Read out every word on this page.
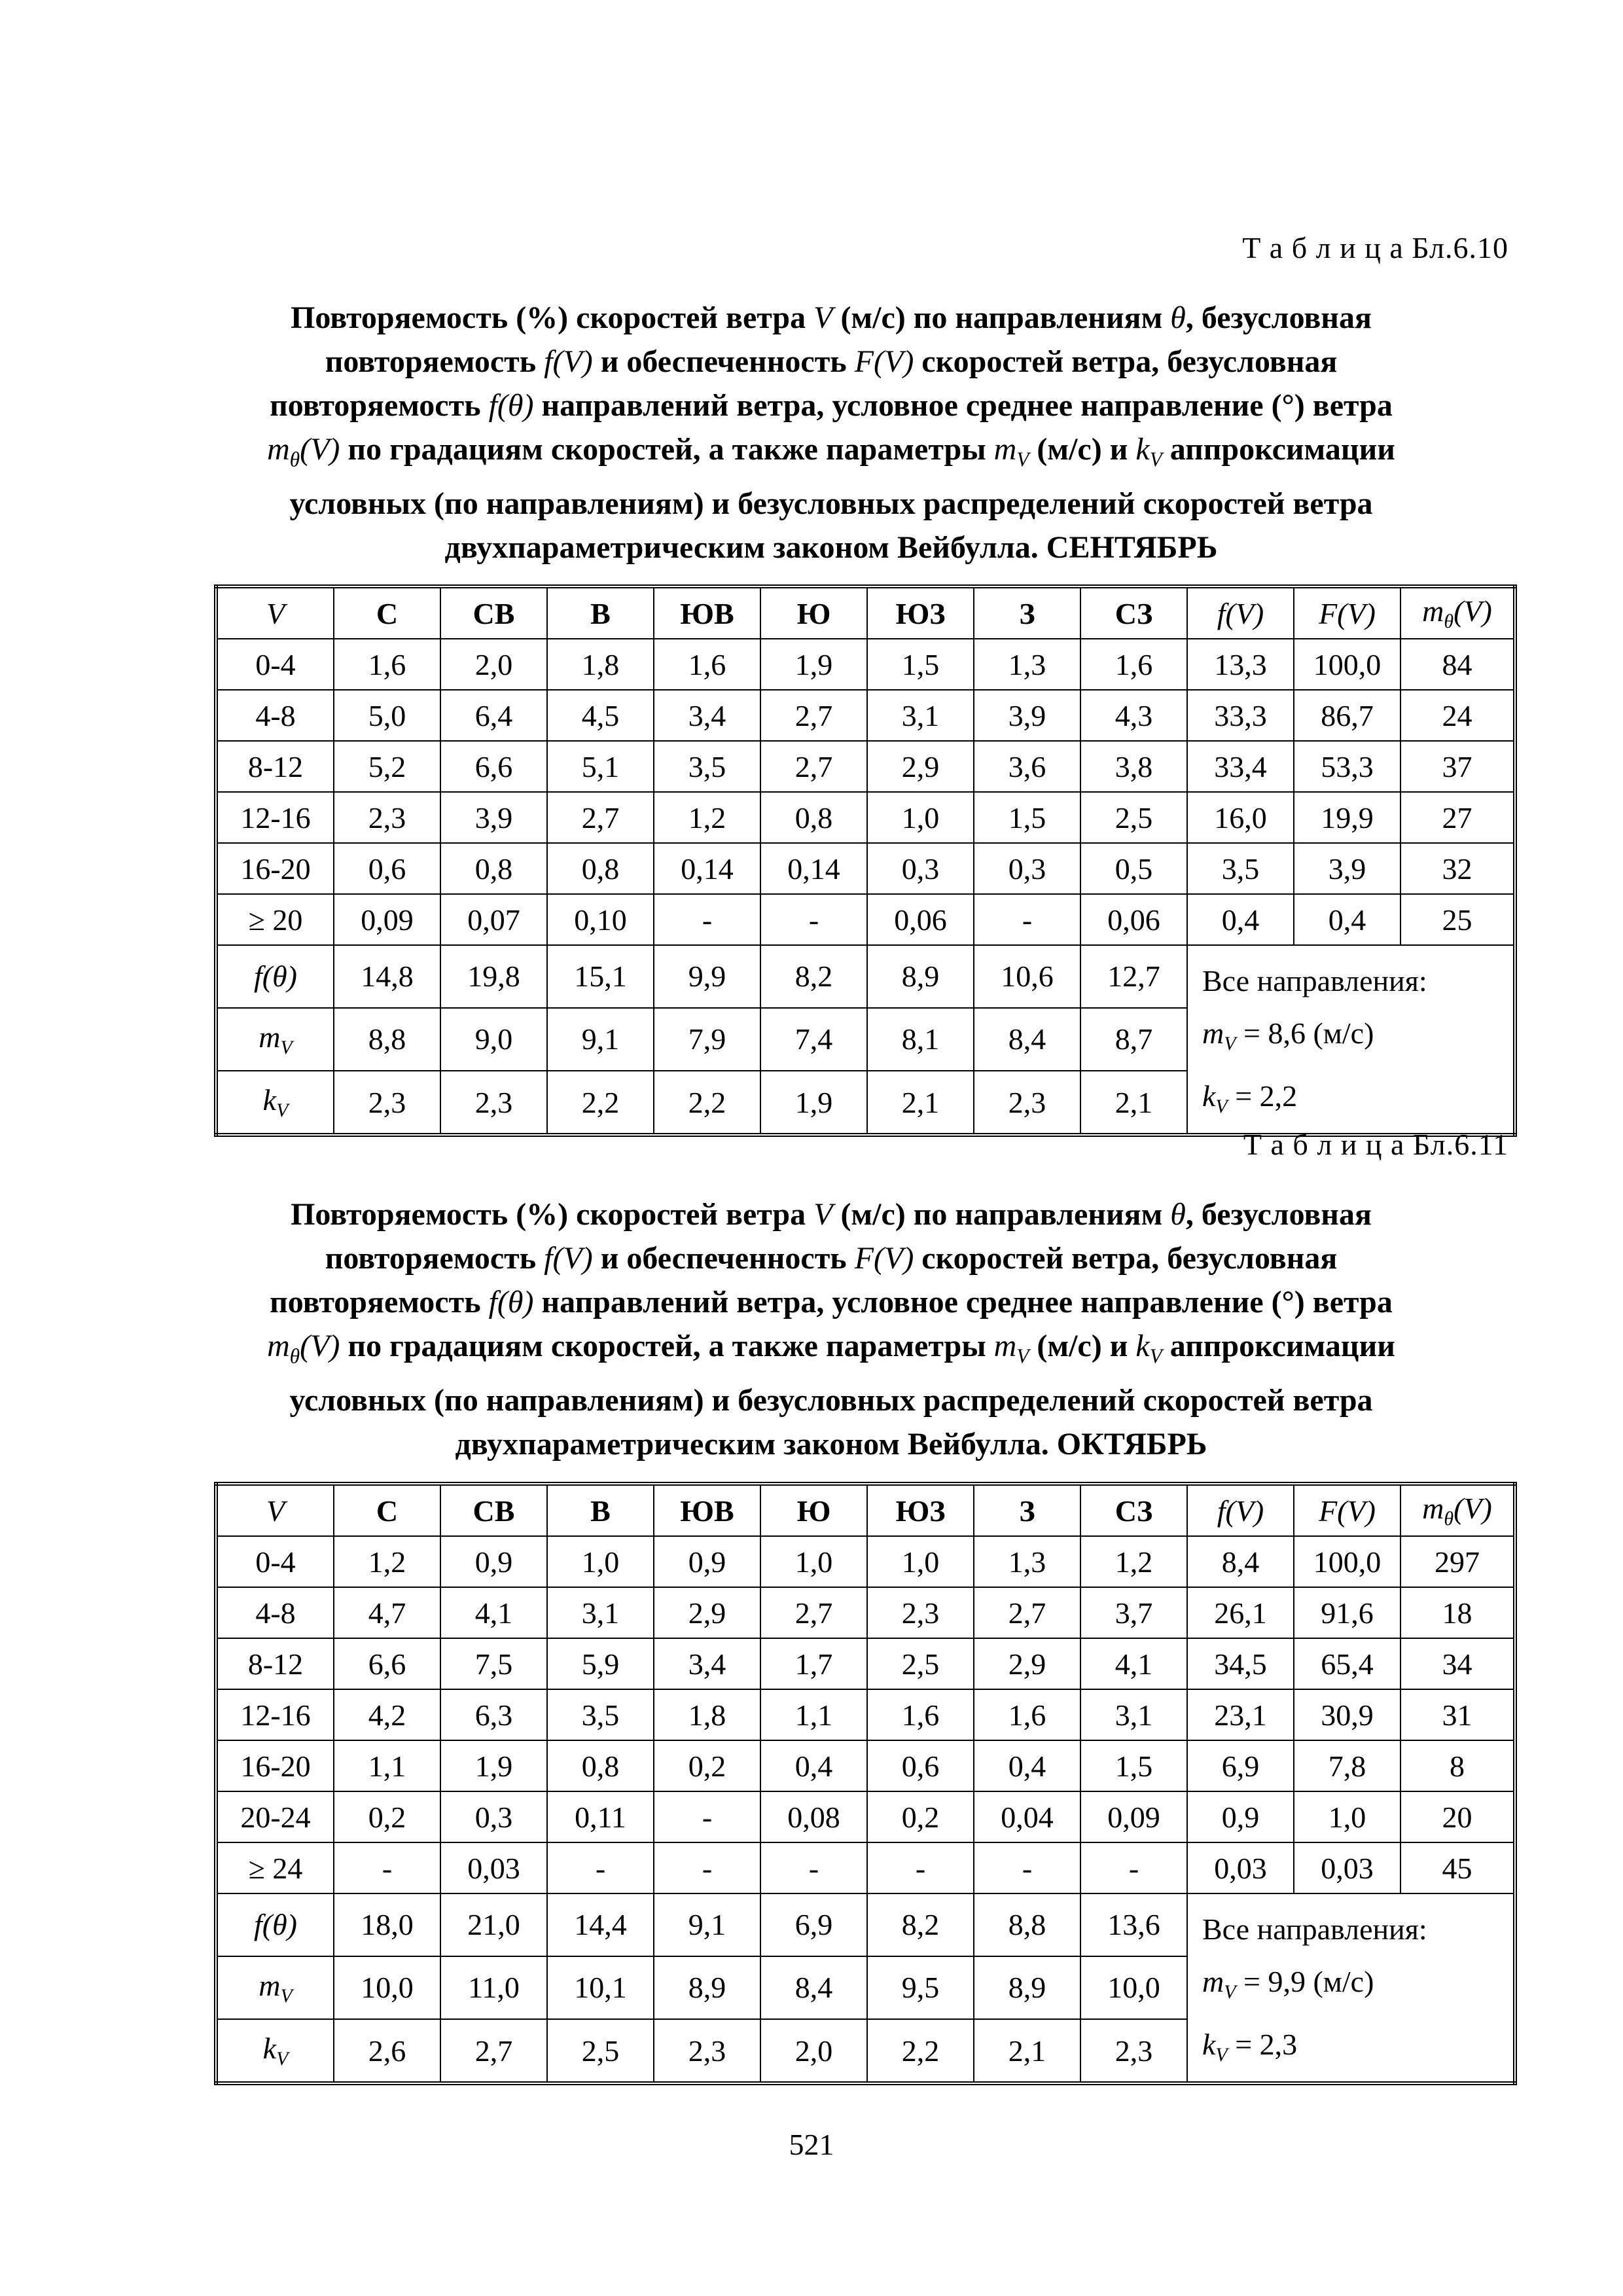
Т а б л и ц а Бл.6.10
Повторяемость (%) скоростей ветра V (м/с) по направлениям θ, безусловная
повторяемость f(V) и обеспеченность F(V) скоростей ветра, безусловная
повторяемость f(θ) направлений ветра, условное среднее направление (°) ветра
$m_\theta(V)$ по градациям скоростей, а также параметры $m_V$ (м/с) и $k_V$ аппроксимации
условных (по направлениям) и безусловных распределений скоростей ветра
двухпараметрическим законом Вейбулла. СЕНТЯБРЬ
V	С	СВ	В	ЮВ	Ю	ЮЗ	З	СЗ	f(V)	F(V)	$m_\theta(V)$
0-4	1,6	2,0	1,8	1,6	1,9	1,5	1,3	1,6	13,3	100,0	84
4-8	5,0	6,4	4,5	3,4	2,7	3,1	3,9	4,3	33,3	86,7	24
8-12	5,2	6,6	5,1	3,5	2,7	2,9	3,6	3,8	33,4	53,3	37
12-16	2,3	3,9	2,7	1,2	0,8	1,0	1,5	2,5	16,0	19,9	27
16-20	0,6	0,8	0,8	0,14	0,14	0,3	0,3	0,5	3,5	3,9	32
≥ 20	0,09	0,07	0,10	-	-	0,06	-	0,06	0,4	0,4	25
f(θ)	14,8	19,8	15,1	9,9	8,2	8,9	10,6	12,7	Все направления:
$m_V = 8,6$ (м/с)
$k_V = 2,2$		

$m_V$	8,8	9,0	9,1	7,9	7,4	8,1	8,4	8,7			
$k_V$	2,3	2,3	2,2	2,2	1,9	2,1	2,3	2,1			
Т а б л и ц а Бл.6.11
Повторяемость (%) скоростей ветра V (м/с) по направлениям θ, безусловная
повторяемость f(V) и обеспеченность F(V) скоростей ветра, безусловная
повторяемость f(θ) направлений ветра, условное среднее направление (°) ветра
$m_\theta(V)$ по градациям скоростей, а также параметры $m_V$ (м/с) и $k_V$ аппроксимации
условных (по направлениям) и безусловных распределений скоростей ветра
двухпараметрическим законом Вейбулла. ОКТЯБРЬ
V	С	СВ	В	ЮВ	Ю	ЮЗ	З	СЗ	f(V)	F(V)	$m_\theta(V)$
0-4	1,2	0,9	1,0	0,9	1,0	1,0	1,3	1,2	8,4	100,0	297
4-8	4,7	4,1	3,1	2,9	2,7	2,3	2,7	3,7	26,1	91,6	18
8-12	6,6	7,5	5,9	3,4	1,7	2,5	2,9	4,1	34,5	65,4	34
12-16	4,2	6,3	3,5	1,8	1,1	1,6	1,6	3,1	23,1	30,9	31
16-20	1,1	1,9	0,8	0,2	0,4	0,6	0,4	1,5	6,9	7,8	8
20-24	0,2	0,3	0,11	-	0,08	0,2	0,04	0,09	0,9	1,0	20
≥ 24	-	0,03	-	-	-	-	-	-	0,03	0,03	45
f(θ)	18,0	21,0	14,4	9,1	6,9	8,2	8,8	13,6	Все направления:
$m_V = 9,9$ (м/с)
$k_V = 2,3$		

$m_V$	10,0	11,0	10,1	8,9	8,4	9,5	8,9	10,0			
$k_V$	2,6	2,7	2,5	2,3	2,0	2,2	2,1	2,3			
521
